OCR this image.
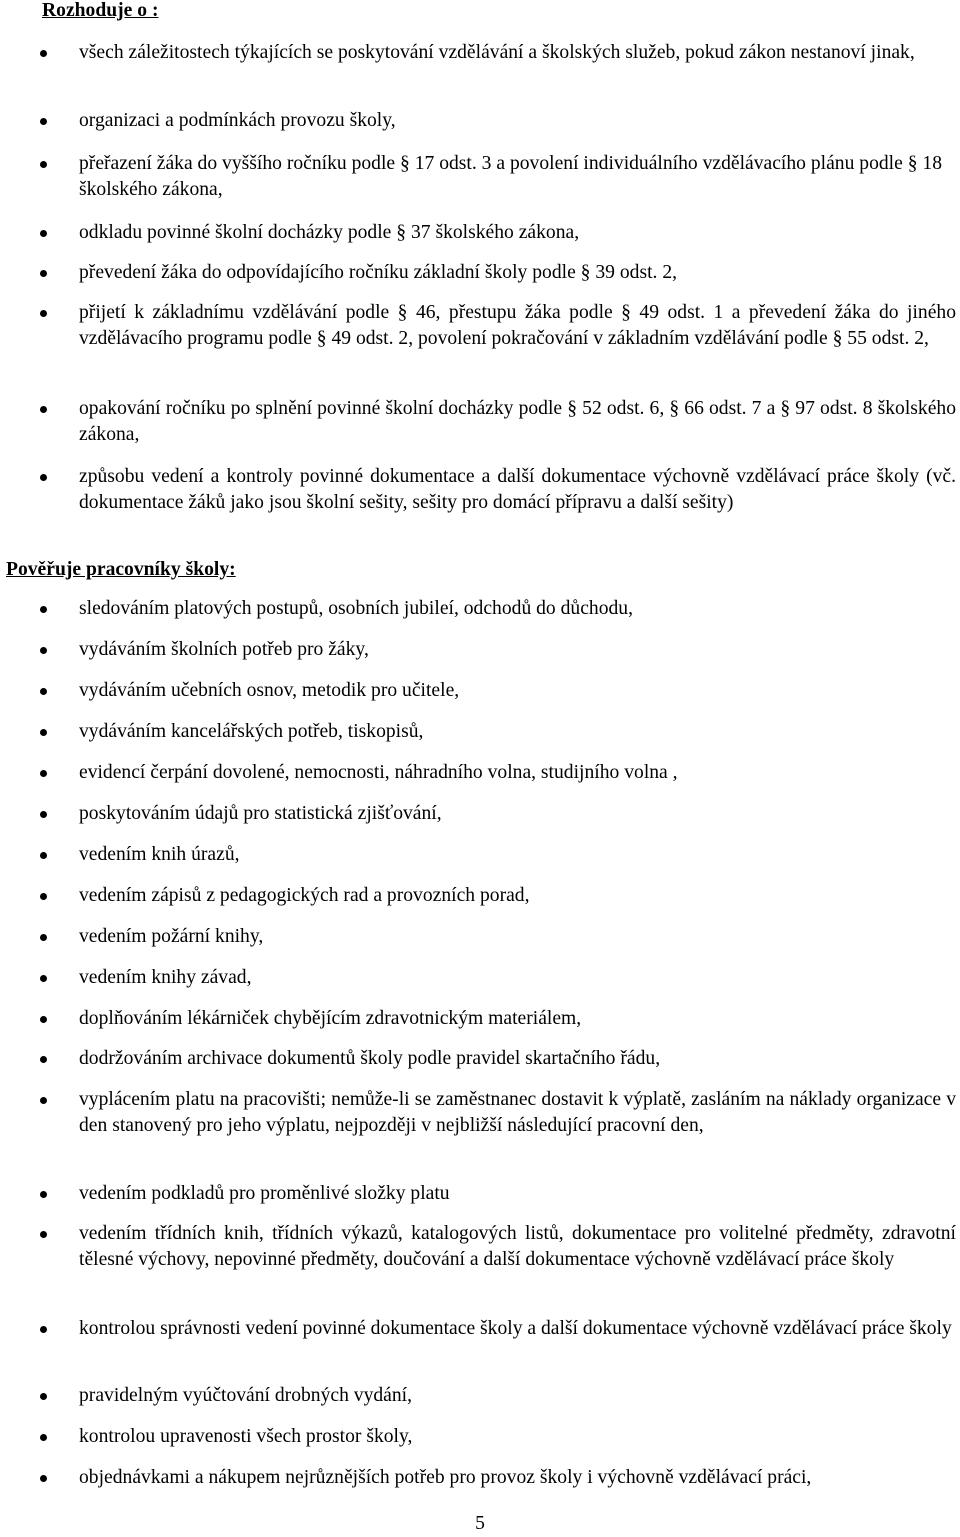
Rozhoduje o :
všech záležitostech týkajících se poskytování vzdělávání a školských služeb, pokud zákon nestanoví jinak,
organizaci a podmínkách provozu školy,
přeřazení žáka do vyššího ročníku podle § 17 odst. 3 a povolení individuálního vzdělávacího plánu podle § 18 školského zákona,
odkladu povinné školní docházky podle § 37 školského zákona,
převedení žáka do odpovídajícího ročníku základní školy podle § 39 odst. 2,
přijetí k základnímu vzdělávání podle § 46, přestupu žáka podle § 49 odst. 1 a převedení žáka do jiného vzdělávacího programu podle § 49 odst. 2, povolení pokračování v základním vzdělávání podle § 55 odst. 2,
opakování ročníku po splnění povinné školní docházky podle § 52 odst. 6, § 66 odst. 7 a § 97 odst. 8 školského zákona,
způsobu vedení a kontroly povinné dokumentace a další dokumentace výchovně vzdělávací práce školy (vč. dokumentace žáků jako jsou školní sešity, sešity pro domácí přípravu a další sešity)
Pověřuje pracovníky školy:
sledováním platových postupů, osobních jubileí, odchodů do důchodu,
vydáváním školních potřeb pro žáky,
vydáváním učebních osnov, metodik pro učitele,
vydáváním kancelářských potřeb, tiskopisů,
evidencí čerpání dovolené, nemocnosti, náhradního volna, studijního volna ,
poskytováním údajů pro statistická zjišťování,
vedením knih úrazů,
vedením zápisů z pedagogických rad a provozních porad,
vedením požární knihy,
vedením knihy závad,
doplňováním lékárniček chybějícím zdravotnickým materiálem,
dodržováním archivace dokumentů školy podle pravidel skartačního řádu,
vyplácením platu na pracovišti; nemůže-li se zaměstnanec dostavit k výplatě, zasláním na náklady organizace v den stanovený pro jeho výplatu, nejpozději v nejbližší následující pracovní den,
vedením podkladů pro proměnlivé složky platu
vedením třídních knih, třídních výkazů, katalogových listů, dokumentace pro volitelné předměty, zdravotní tělesné výchovy, nepovinné předměty, doučování a další dokumentace výchovně vzdělávací práce školy
kontrolou správnosti vedení povinné dokumentace školy a další dokumentace výchovně vzdělávací práce školy
pravidelným vyúčtování drobných vydání,
kontrolou upravenosti všech prostor školy,
objednávkami a nákupem nejrůznějších potřeb pro provoz školy i výchovně vzdělávací práci,
5
